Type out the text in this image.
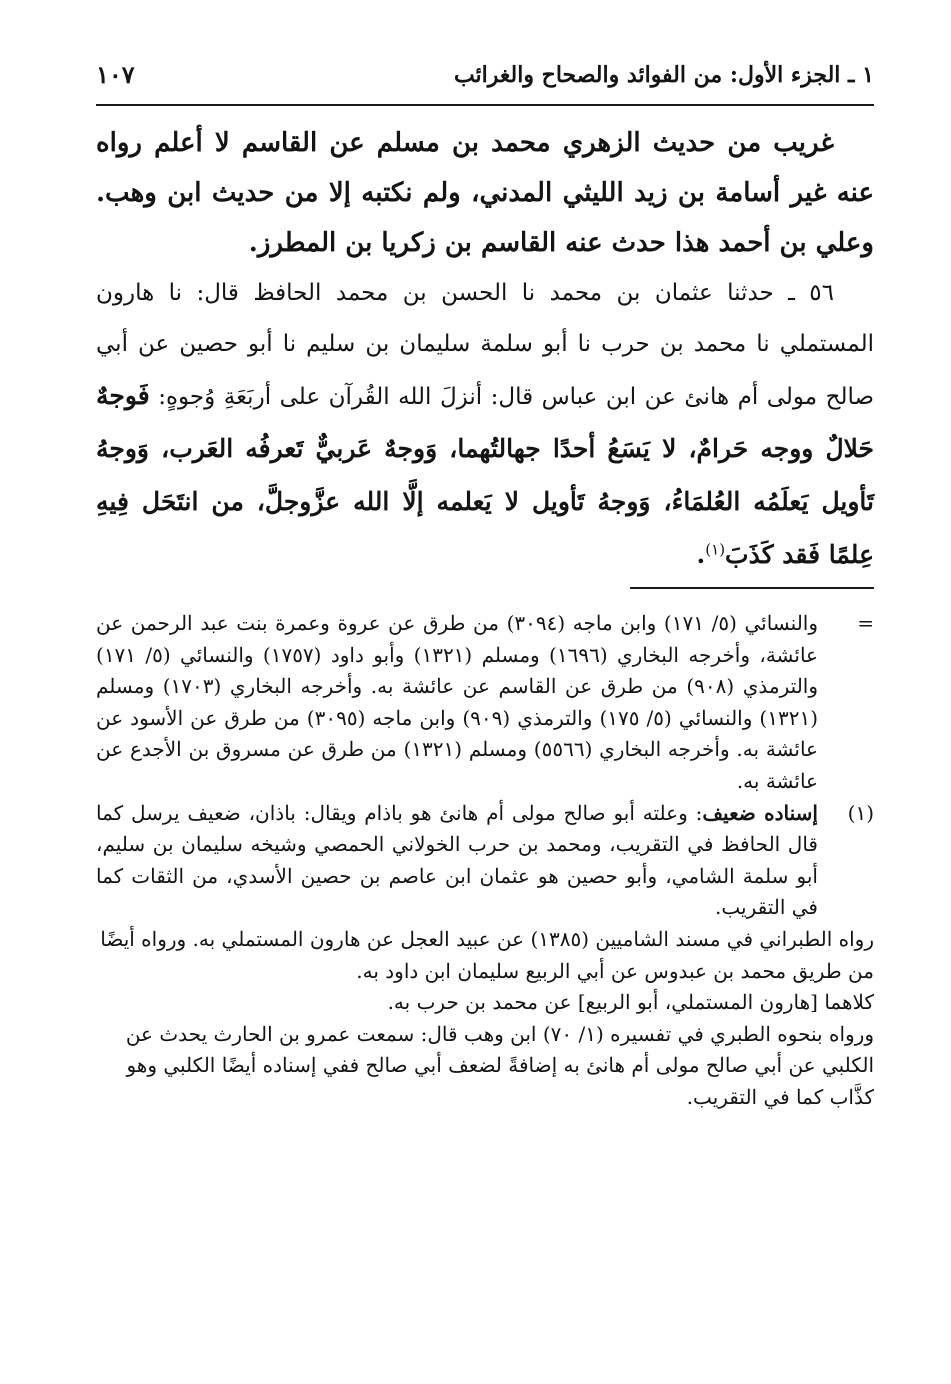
١ ـ الجزء الأول: من الفوائد والصحاح والغرائب
١٠٧

غريب من حديث الزهري محمد بن مسلم عن القاسم لا أعلم رواه عنه غير أسامة بن زيد الليثي المدني، ولم نكتبه إلا من حديث ابن وهب. وعلي بن أحمد هذا حدث عنه القاسم بن زكريا بن المطرز.

٥٦ ـ حدثنا عثمان بن محمد نا الحسن بن محمد الحافظ قال: نا هارون المستملي نا محمد بن حرب نا أبو سلمة سليمان بن سليم نا أبو حصين عن أبي صالح مولى أم هانئ عن ابن عباس قال: أنزلَ الله القُرآن على أربَعَةِ وُجوهٍ: فَوجهٌ حَلالٌ ووجه حَرامٌ، لا يَسَعُ أحدًا جهالتُهما، وَوجهٌ عَربيٌّ تَعرفُه العَرب، وَوجهُ تَأويل يَعلَمُه العُلمَاءُ، وَوجهُ تَأويل لا يَعلمه إلَّا الله عزَّوجلَّ، من انتَحَل فِيهِ عِلمًا فَقد كَذَبَ$^{(١)}$.

=

والنسائي (٥/ ١٧١) وابن ماجه (٣٠٩٤) من طرق عن عروة وعمرة بنت عبد الرحمن عن عائشة، وأخرجه البخاري (١٦٩٦) ومسلم (١٣٢١) وأبو داود (١٧٥٧) والنسائي (٥/ ١٧١) والترمذي (٩٠٨) من طرق عن القاسم عن عائشة به. وأخرجه البخاري (١٧٠٣) ومسلم (١٣٢١) والنسائي (٥/ ١٧٥) والترمذي (٩٠٩) وابن ماجه (٣٠٩٥) من طرق عن الأسود عن عائشة به. وأخرجه البخاري (٥٥٦٦) ومسلم (١٣٢١) من طرق عن مسروق بن الأجدع عن عائشة به.

(١)

إسناده ضعيف: وعلته أبو صالح مولى أم هانئ هو باذام ويقال: باذان، ضعيف يرسل كما قال الحافظ في التقريب، ومحمد بن حرب الخولاني الحمصي وشيخه سليمان بن سليم، أبو سلمة الشامي، وأبو حصين هو عثمان ابن عاصم بن حصين الأسدي، من الثقات كما في التقريب.

رواه الطبراني في مسند الشاميين (١٣٨٥) عن عبيد العجل عن هارون المستملي به. ورواه أيضًا من طريق محمد بن عبدوس عن أبي الربيع سليمان ابن داود به.

كلاهما [هارون المستملي، أبو الربيع] عن محمد بن حرب به.

ورواه بنحوه الطبري في تفسيره (١/ ٧٠) ابن وهب قال: سمعت عمرو بن الحارث يحدث عن الكلبي عن أبي صالح مولى أم هانئ به إضافةً لضعف أبي صالح ففي إسناده أيضًا الكلبي وهو كذَّاب كما في التقريب.
